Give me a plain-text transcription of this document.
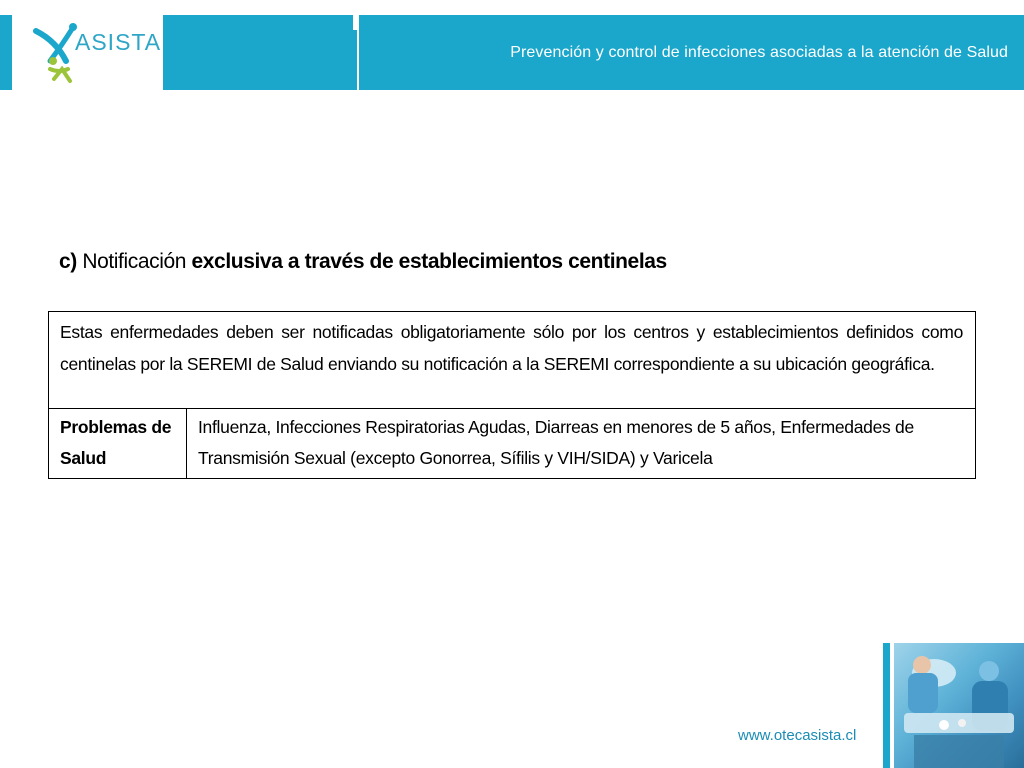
ASISTA	Prevención y control de infecciones asociadas a la atención de Salud
c) Notificación exclusiva a través de establecimientos centinelas
Estas enfermedades deben ser notificadas obligatoriamente sólo por los centros y establecimientos definidos como centinelas por la SEREMI de Salud enviando su notificación a la SEREMI correspondiente a su ubicación geográfica.
Problemas de Salud	Influenza, Infecciones Respiratorias Agudas, Diarreas en menores de 5 años, Enfermedades de Transmisión Sexual (excepto Gonorrea, Sífilis y VIH/SIDA) y Varicela
www.otecasista.cl
